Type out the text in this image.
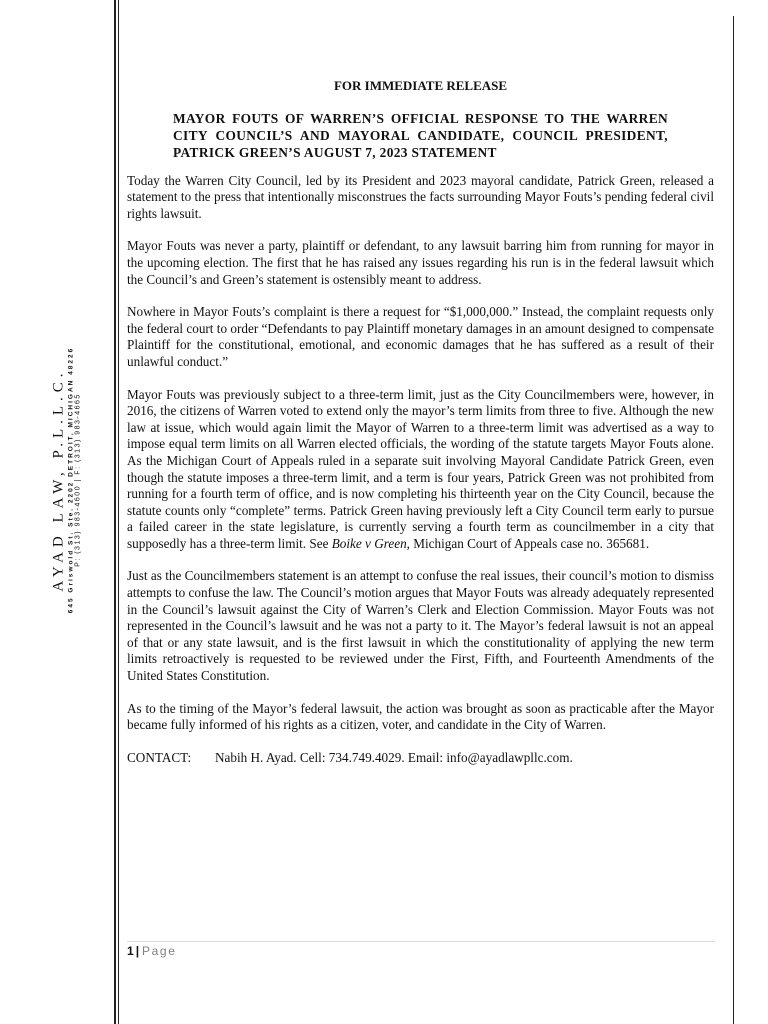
AYAD LAW, P.L.L.C. 645 Griswold St. Ste. 2202 DETROIT, MICHIGAN 48226 P: (313) 983-4600 | F: (313) 983-4665

FOR IMMEDIATE RELEASE

MAYOR FOUTS OF WARREN’S OFFICIAL RESPONSE TO THE WARREN CITY COUNCIL’S AND MAYORAL CANDIDATE, COUNCIL PRESIDENT, PATRICK GREEN’S AUGUST 7, 2023 STATEMENT

Today the Warren City Council, led by its President and 2023 mayoral candidate, Patrick Green, released a statement to the press that intentionally misconstrues the facts surrounding Mayor Fouts’s pending federal civil rights lawsuit.

Mayor Fouts was never a party, plaintiff or defendant, to any lawsuit barring him from running for mayor in the upcoming election. The first that he has raised any issues regarding his run is in the federal lawsuit which the Council’s and Green’s statement is ostensibly meant to address.

Nowhere in Mayor Fouts’s complaint is there a request for “$1,000,000.” Instead, the complaint requests only the federal court to order “Defendants to pay Plaintiff monetary damages in an amount designed to compensate Plaintiff for the constitutional, emotional, and economic damages that he has suffered as a result of their unlawful conduct.”

Mayor Fouts was previously subject to a three-term limit, just as the City Councilmembers were, however, in 2016, the citizens of Warren voted to extend only the mayor’s term limits from three to five. Although the new law at issue, which would again limit the Mayor of Warren to a three-term limit was advertised as a way to impose equal term limits on all Warren elected officials, the wording of the statute targets Mayor Fouts alone. As the Michigan Court of Appeals ruled in a separate suit involving Mayoral Candidate Patrick Green, even though the statute imposes a three-term limit, and a term is four years, Patrick Green was not prohibited from running for a fourth term of office, and is now completing his thirteenth year on the City Council, because the statute counts only “complete” terms. Patrick Green having previously left a City Council term early to pursue a failed career in the state legislature, is currently serving a fourth term as councilmember in a city that supposedly has a three-term limit. See Boike v Green, Michigan Court of Appeals case no. 365681.

Just as the Councilmembers statement is an attempt to confuse the real issues, their council’s motion to dismiss attempts to confuse the law. The Council’s motion argues that Mayor Fouts was already adequately represented in the Council’s lawsuit against the City of Warren’s Clerk and Election Commission. Mayor Fouts was not represented in the Council’s lawsuit and he was not a party to it. The Mayor’s federal lawsuit is not an appeal of that or any state lawsuit, and is the first lawsuit in which the constitutionality of applying the new term limits retroactively is requested to be reviewed under the First, Fifth, and Fourteenth Amendments of the United States Constitution.

As to the timing of the Mayor’s federal lawsuit, the action was brought as soon as practicable after the Mayor became fully informed of his rights as a citizen, voter, and candidate in the City of Warren.

CONTACT: Nabih H. Ayad. Cell: 734.749.4029. Email: info@ayadlawpllc.com.

1 | Page
